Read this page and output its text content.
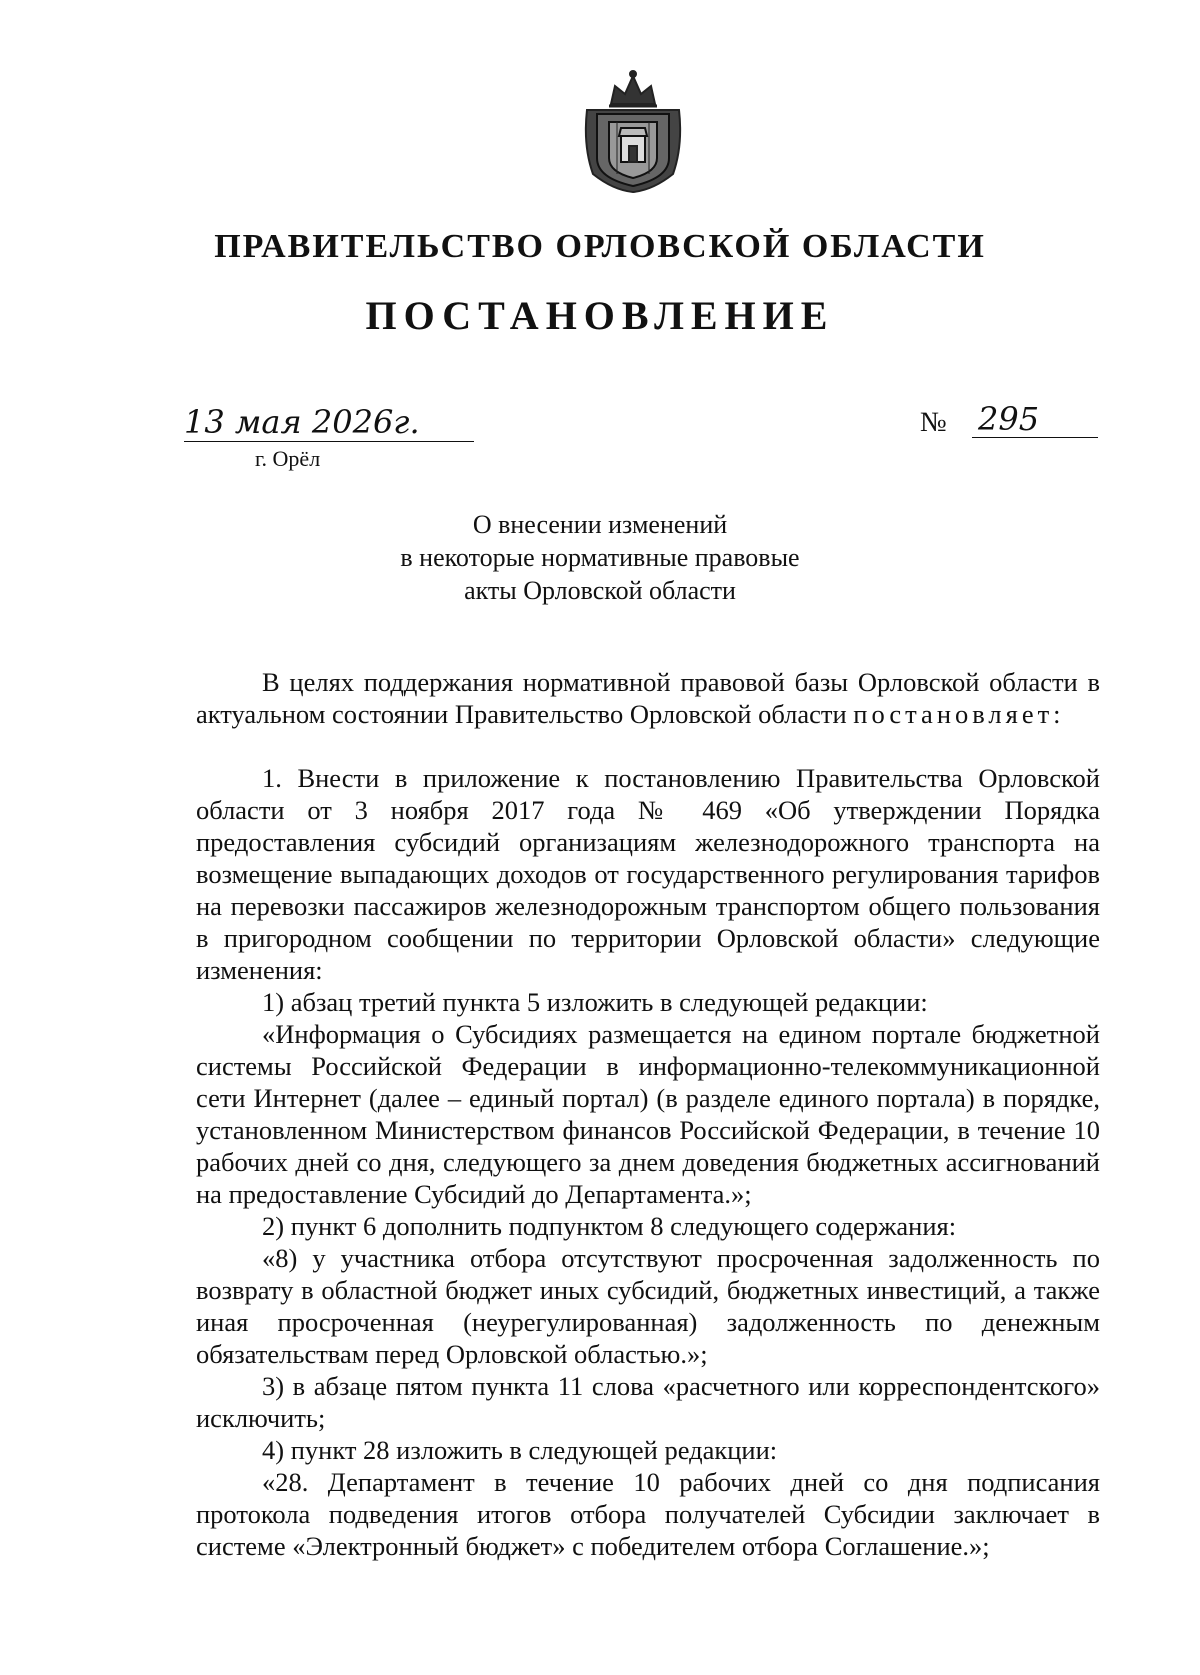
ПРАВИТЕЛЬСТВО ОРЛОВСКОЙ ОБЛАСТИ
ПОСТАНОВЛЕНИЕ
13 мая 2026г.
г. Орёл
№ 295
О внесении изменений
в некоторые нормативные правовые
акты Орловской области

В целях поддержания нормативной правовой базы Орловской области в актуальном состоянии Правительство Орловской области постановляет:

1. Внести в приложение к постановлению Правительства Орловской области от 3 ноября 2017 года № 469 «Об утверждении Порядка предоставления субсидий организациям железнодорожного транспорта на возмещение выпадающих доходов от государственного регулирования тарифов на перевозки пассажиров железнодорожным транспортом общего пользования в пригородном сообщении по территории Орловской области» следующие изменения:

1) абзац третий пункта 5 изложить в следующей редакции:

«Информация о Субсидиях размещается на едином портале бюджетной системы Российской Федерации в информационно-телекоммуникационной сети Интернет (далее – единый портал) (в разделе единого портала) в порядке, установленном Министерством финансов Российской Федерации, в течение 10 рабочих дней со дня, следующего за днем доведения бюджетных ассигнований на предоставление Субсидий до Департамента.»;

2) пункт 6 дополнить подпунктом 8 следующего содержания:

«8) у участника отбора отсутствуют просроченная задолженность по возврату в областной бюджет иных субсидий, бюджетных инвестиций, а также иная просроченная (неурегулированная) задолженность по денежным обязательствам перед Орловской областью.»;

3) в абзаце пятом пункта 11 слова «расчетного или корреспондентского» исключить;

4) пункт 28 изложить в следующей редакции:

«28. Департамент в течение 10 рабочих дней со дня подписания протокола подведения итогов отбора получателей Субсидии заключает в системе «Электронный бюджет» с победителем отбора Соглашение.»;
